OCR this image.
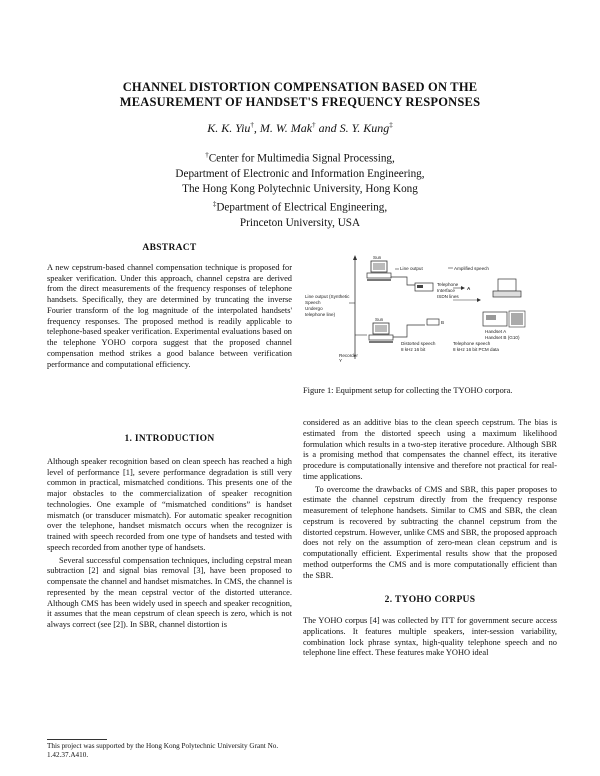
CHANNEL DISTORTION COMPENSATION BASED ON THE
MEASUREMENT OF HANDSET'S FREQUENCY RESPONSES
K. K. Yiu†, M. W. Mak† and S. Y. Kung‡
†Center for Multimedia Signal Processing,
Department of Electronic and Information Engineering,
The Hong Kong Polytechnic University, Hong Kong
‡Department of Electrical Engineering,
Princeton University, USA
ABSTRACT

A new cepstrum-based channel compensation technique is proposed for speaker verification. Under this approach, channel cepstra are derived from the direct measurements of the frequency responses of telephone handsets. Specifically, they are determined by truncating the inverse Fourier transform of the log magnitude of the interpolated handsets' frequency responses. The proposed method is readily applicable to telephone-based speaker verification. Experimental evaluations based on the telephone YOHO corpora suggest that the proposed channel compensation method strikes a good balance between verification performance and computational efficiency.

1. INTRODUCTION

Although speaker recognition based on clean speech has reached a high level of performance [1], severe performance degradation is still very common in practical, mismatched conditions. This presents one of the major obstacles to the commercialization of speaker recognition technologies. One example of “mismatched conditions” is handset mismatch (or transducer mismatch). For automatic speaker recognition over the telephone, handset mismatch occurs when the recognizer is trained with speech recorded from one type of handsets and tested with speech recorded from another type of handsets.

Several successful compensation techniques, including cepstral mean subtraction [2] and signal bias removal [3], have been proposed to compensate the channel and handset mismatches. In CMS, the channel is represented by the mean cepstral vector of the distorted utterance. Although CMS has been widely used in speech and speaker recognition, it assumes that the mean cepstrum of clean speech is zero, which is not always correct (see [2]). In SBR, channel distortion is

This project was supported by the Hong Kong Polytechnic University Grant No. 1.42.37.A410.
Sun
Line output	Amplified speech
Telephone
Interface
ISDN lines
A
B
Handset A
Handset B (G10)
Line output (Synthetic
Speech
Undergo
telephone line)
Sun
Distorted speech
8 kHz 16 bit
Telephone speech
8 kHz 16 bit PCM data
Recorder
Y
Figure 1: Equipment setup for collecting the TYOHO corpora.

considered as an additive bias to the clean speech cepstrum. The bias is estimated from the distorted speech using a maximum likelihood formulation which results in a two-step iterative procedure. Although SBR is a promising method that compensates the channel effect, its iterative procedure is computationally intensive and therefore not practical for real-time applications.

To overcome the drawbacks of CMS and SBR, this paper proposes to estimate the channel cepstrum directly from the frequency response measurement of telephone handsets. Similar to CMS and SBR, the clean cepstrum is recovered by subtracting the channel cepstrum from the distorted cepstrum. However, unlike CMS and SBR, the proposed approach does not rely on the assumption of zero-mean clean cepstrum and is computationally efficient. Experimental results show that the proposed method outperforms the CMS and is more computationally efficient than the SBR.

2. TYOHO CORPUS

The YOHO corpus [4] was collected by ITT for government secure access applications. It features multiple speakers, inter-session variability, combination lock phrase syntax, high-quality telephone speech and no telephone line effect. These features make YOHO ideal
